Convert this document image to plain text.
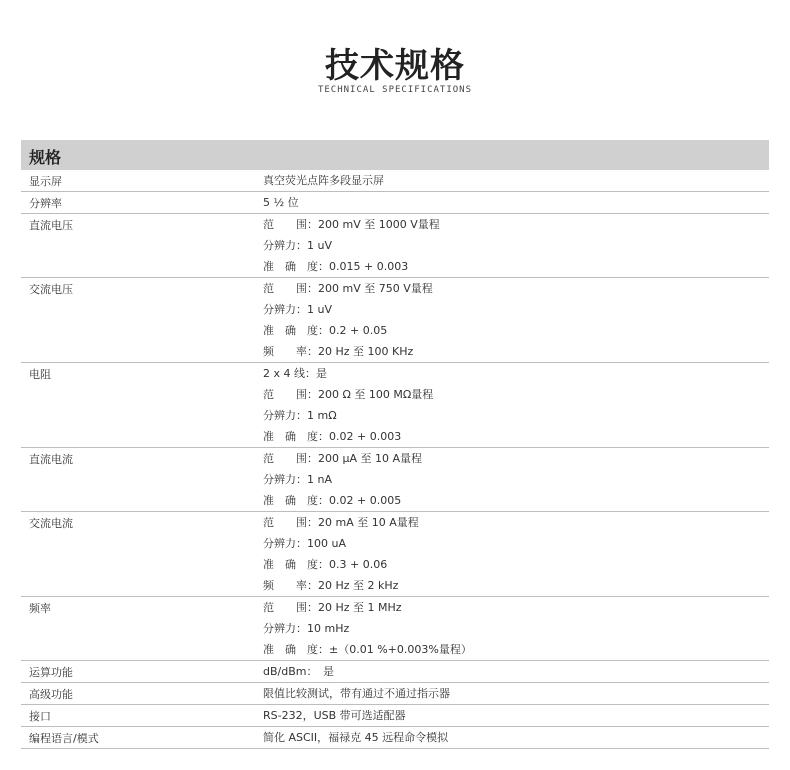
技术规格
TECHNICAL SPECIFICATIONS
规格
显示屏	真空荧光点阵多段显示屏
分辨率	5 ½ 位
直流电压	范　　围：200 mV 至 1000 V量程
分辨力：1 uV
准　确　度：0.015 + 0.003
交流电压	范　　围：200 mV 至 750 V量程
分辨力：1 uV
准　确　度：0.2 + 0.05
频　　率：20 Hz 至 100 KHz
电阻	2 x 4 线：是
范　　围：200 Ω 至 100 MΩ量程
分辨力：1 mΩ
准　确　度：0.02 + 0.003
直流电流	范　　围：200 μA 至 10 A量程
分辨力：1 nA
准　确　度：0.02 + 0.005
交流电流	范　　围：20 mA 至 10 A量程
分辨力：100 uA
准　确　度：0.3 + 0.06
频　　率：20 Hz 至 2 kHz
频率	范　　围：20 Hz 至 1 MHz
分辨力：10 mHz
准　确　度：±（0.01 %+0.003%量程）
运算功能	dB/dBm：　是
高级功能	限值比较测试，带有通过不通过指示器
接口	RS-232，USB 带可选适配器
编程语言/模式	简化 ASCII，福禄克 45 远程命令模拟
